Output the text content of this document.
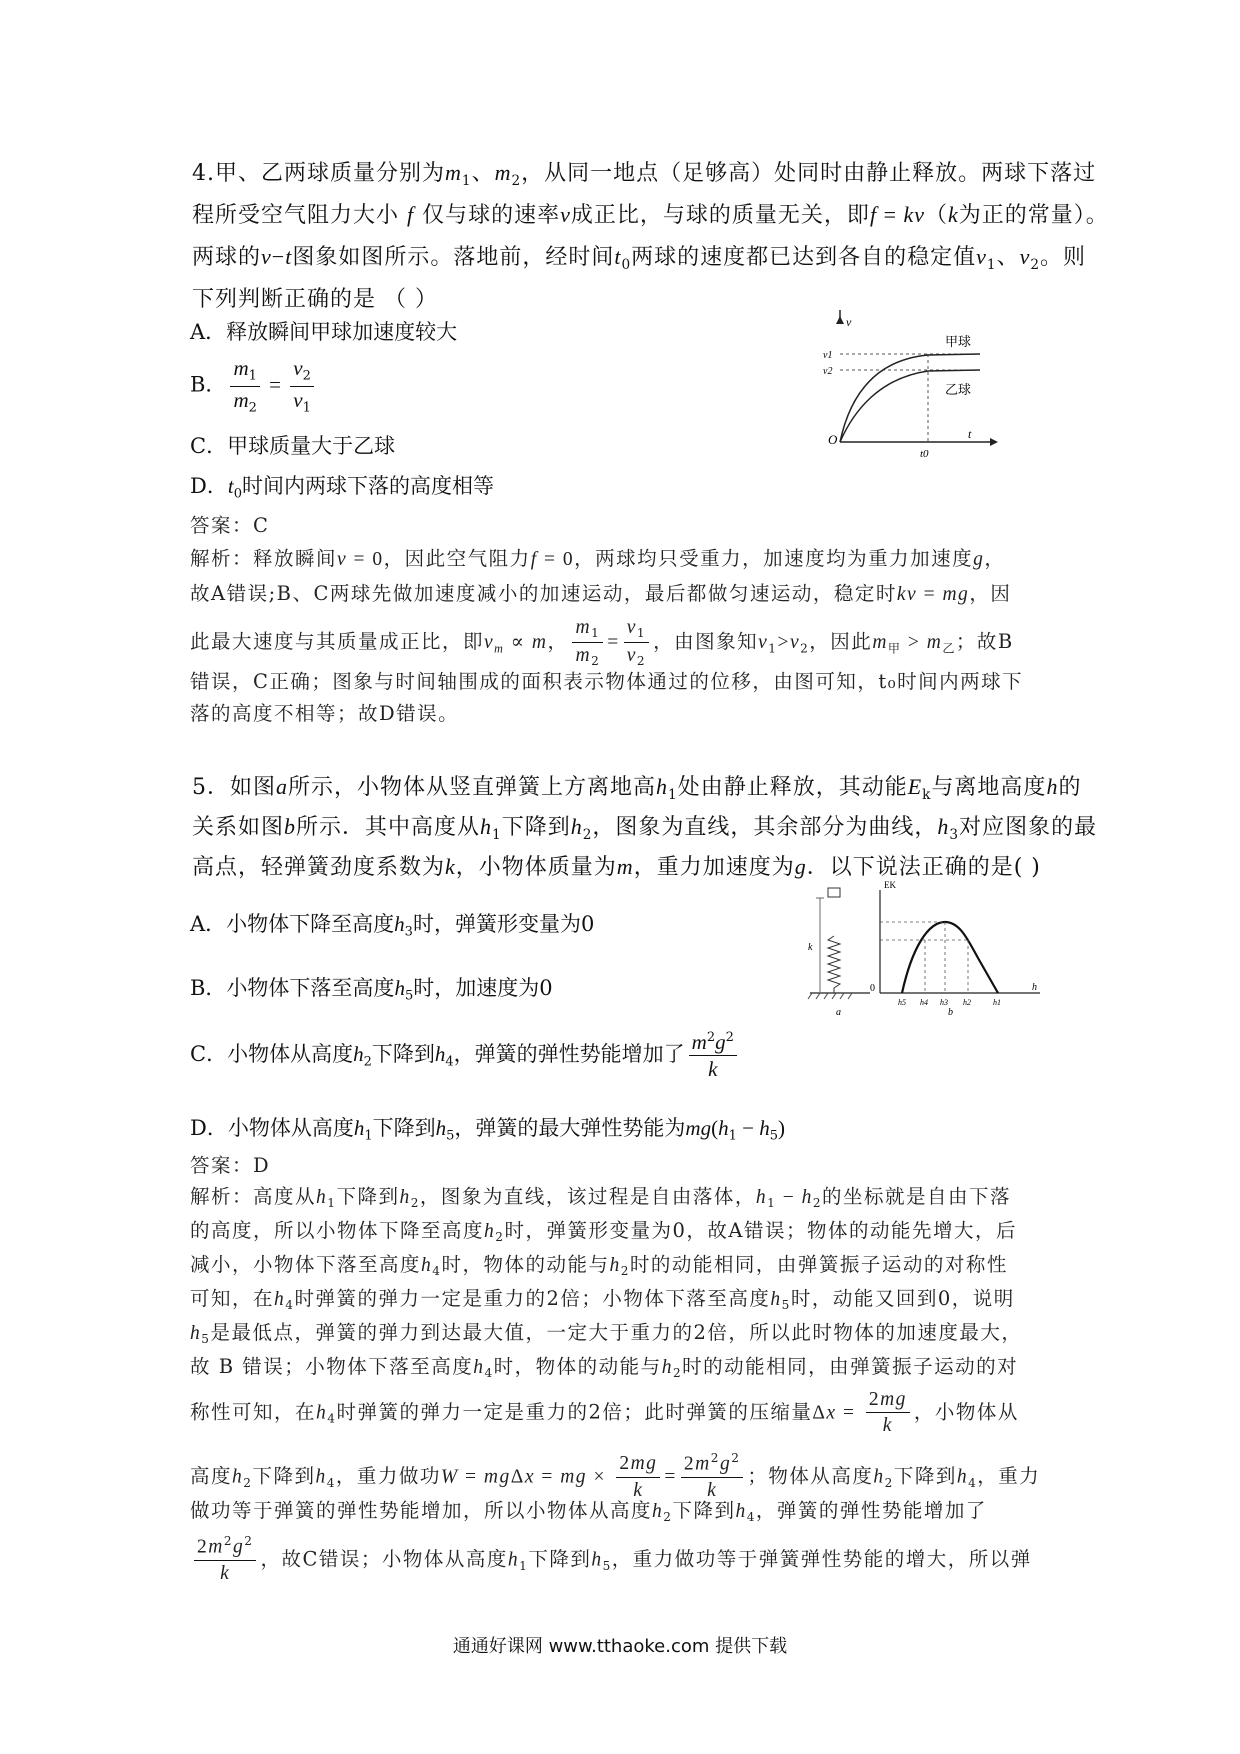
4.甲、乙两球质量分别为$m_1$、$m_2$，从同一地点（足够高）处同时由静止释放。两球下落过
程所受空气阻力大小 f 仅与球的速率v成正比，与球的质量无关，即f = kv（k为正的常量）。
两球的v−t图象如图所示。落地前，经时间$t_0$两球的速度都已达到各自的稳定值$v_1$、$v_2$。则
下列判断正确的是 （ ）
A．释放瞬间甲球加速度较大
B． $\frac{m_1}{m_2} = \frac{v_2}{v_1}$
C．甲球质量大于乙球
D．$t_0$时间内两球下落的高度相等
v
t
O
v1
v2
t0
甲球
乙球
答案：C
解析：释放瞬间v = 0，因此空气阻力f = 0，两球均只受重力，加速度均为重力加速度g，
故A错误;B、C两球先做加速度减小的加速运动，最后都做匀速运动，稳定时kv = mg，因
此最大速度与其质量成正比，即$v_m \propto m$， $\frac{m_1}{m_2} = \frac{v_1}{v_2}$ ，由图象知$v_1>v_2$，因此$m_甲 > m_乙$；故B
错误，C正确；图象与时间轴围成的面积表示物体通过的位移，由图可知，t₀时间内两球下
落的高度不相等；故D错误。
5．如图a所示，小物体从竖直弹簧上方离地高$h_1$处由静止释放，其动能$E_k$与离地高度h的
关系如图b所示．其中高度从$h_1$下降到$h_2$，图象为直线，其余部分为曲线，$h_3$对应图象的最
高点，轻弹簧劲度系数为k，小物体质量为m，重力加速度为g．以下说法正确的是( )
A．小物体下降至高度$h_3$时，弹簧形变量为0
B．小物体下落至高度$h_5$时，加速度为0
C．小物体从高度$h_2$下降到$h_4$，弹簧的弹性势能增加了 $\frac{m^2g^2}{k}$
D．小物体从高度$h_1$下降到$h_5$，弹簧的最大弹性势能为$mg(h_1 - h_5)$
k
a
EK
h
0
h5 h4 h3 h2	h1
b
答案：D
解析：高度从$h_1$下降到$h_2$，图象为直线，该过程是自由落体，$h_1 - h_2$的坐标就是自由下落
的高度，所以小物体下降至高度$h_2$时，弹簧形变量为0，故A错误；物体的动能先增大，后
减小，小物体下落至高度$h_4$时，物体的动能与$h_2$时的动能相同，由弹簧振子运动的对称性
可知，在$h_4$时弹簧的弹力一定是重力的2倍；小物体下落至高度$h_5$时，动能又回到0，说明
$h_5$是最低点，弹簧的弹力到达最大值，一定大于重力的2倍，所以此时物体的加速度最大，
故 B 错误；小物体下落至高度$h_4$时，物体的动能与$h_2$时的动能相同，由弹簧振子运动的对
称性可知，在$h_4$时弹簧的弹力一定是重力的2倍；此时弹簧的压缩量$\Delta x = \frac{2mg}{k}$ ，小物体从
高度$h_2$下降到$h_4$，重力做功W = mgΔx = mg × $\frac{2mg}{k} = \frac{2m^2g^2}{k}$ ；物体从高度$h_2$下降到$h_4$，重力
做功等于弹簧的弹性势能增加，所以小物体从高度$h_2$下降到$h_4$，弹簧的弹性势能增加了
$\frac{2m^2g^2}{k}$ ，故C错误；小物体从高度$h_1$下降到$h_5$，重力做功等于弹簧弹性势能的增大，所以弹
通通好课网 www.tthaoke.com 提供下载
